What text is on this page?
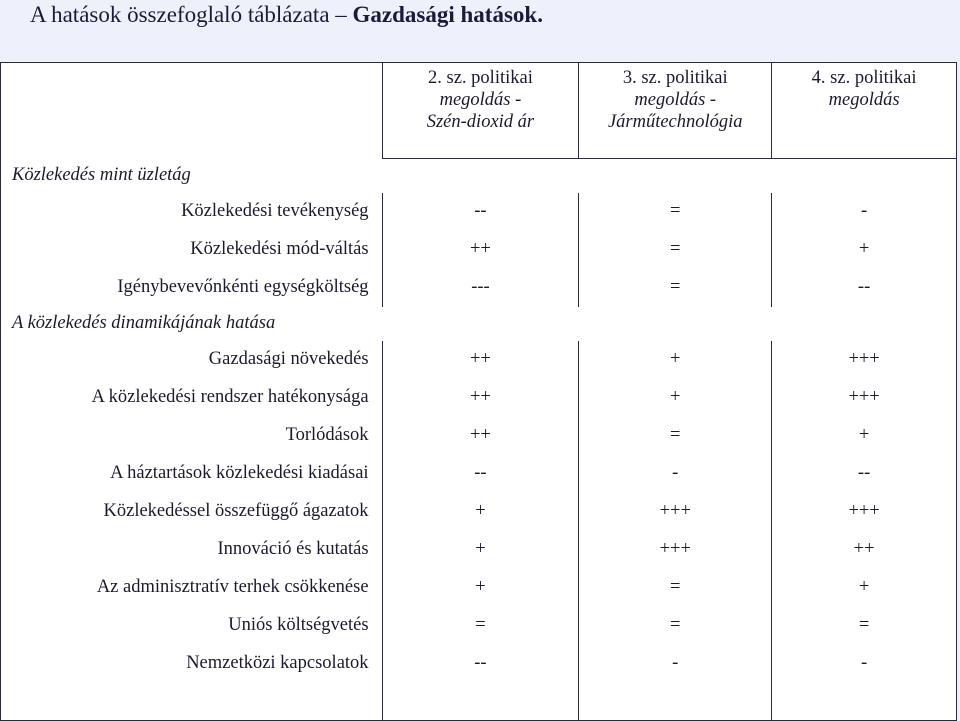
A hatások összefoglaló táblázata – Gazdasági hatások.

	2. sz. politikai
megoldás -
Szén-dioxid ár	3. sz. politikai
megoldás -
Járműtechnológia	4. sz. politikai
megoldás

Közlekedés mint üzletág			
Közlekedési tevékenység	--	=	-
Közlekedési mód-váltás	++	=	+
Igénybevevőnkénti egységköltség	---	=	--
A közlekedés dinamikájának hatása			
Gazdasági növekedés	++	+	+++
A közlekedési rendszer hatékonysága	++	+	+++
Torlódások	++	=	+
A háztartások közlekedési kiadásai	--	-	--
Közlekedéssel összefüggő ágazatok	+	+++	+++
Innováció és kutatás	+	+++	++
Az adminisztratív terhek csökkenése	+	=	+
Uniós költségvetés	=	=	=
Nemzetközi kapcsolatok	--	-	-
